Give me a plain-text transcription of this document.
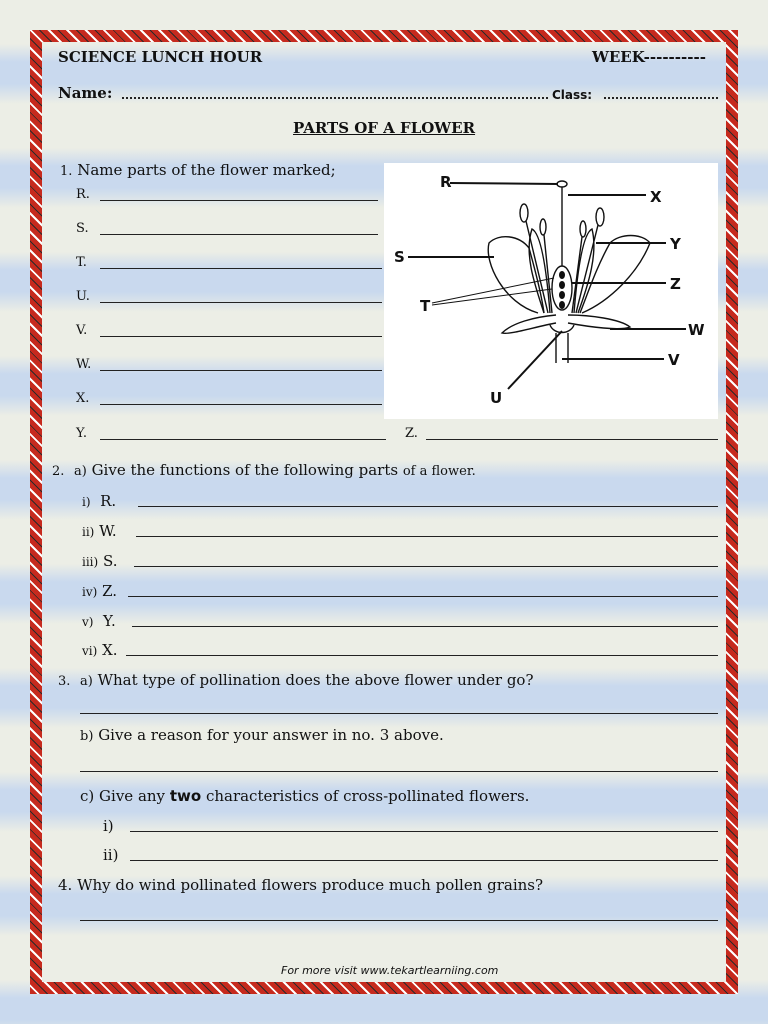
SCIENCE LUNCH HOUR	WEEK----------
Name:	Class:
PARTS OF A FLOWER
1. Name parts of the flower marked;
R.
S.
T.
U.
V.
W.
X.
Y.	Z.
R
X
Y
S
Z
T
W
V
U
2. a) Give the functions of the following parts of a flower.
i) R.
ii) W.
iii) S.
iv) Z.
v) Y.
vi) X.
3. a) What type of pollination does the above flower under go?
b) Give a reason for your answer in no. 3 above.
c) Give any two characteristics of cross-pollinated flowers.
i)
ii)
4. Why do wind pollinated flowers produce much pollen grains?
For more visit www.tekartlearniing.com
